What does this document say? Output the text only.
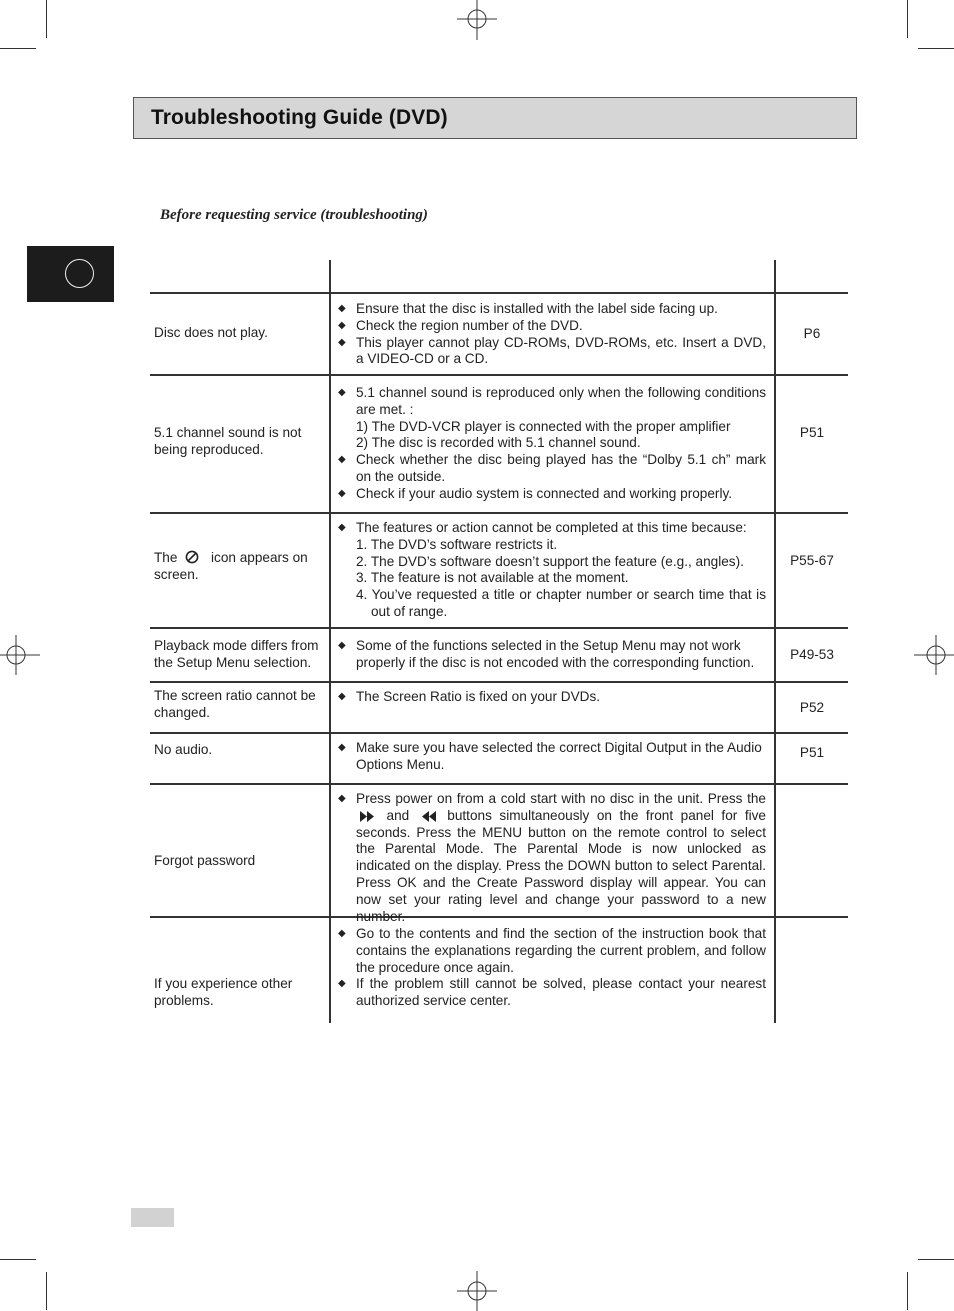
Troubleshooting Guide (DVD)
Before requesting service (troubleshooting)
Disc does not play.
◆ Ensure that the disc is installed with the label side facing up.
◆ Check the region number of the DVD.
◆ This player cannot play CD-ROMs, DVD-ROMs, etc. Insert a DVD, a VIDEO-CD or a CD.
P6
5.1 channel sound is not being reproduced.
◆ 5.1 channel sound is reproduced only when the following conditions are met. :
1) The DVD-VCR player is connected with the proper amplifier
2) The disc is recorded with 5.1 channel sound.
◆ Check whether the disc being played has the “Dolby 5.1 ch” mark on the outside.
◆ Check if your audio system is connected and working properly.
P51
The icon appears on screen.
◆ The features or action cannot be completed at this time because:
1. The DVD’s software restricts it.
2. The DVD’s software doesn’t support the feature (e.g., angles).
3. The feature is not available at the moment.
4. You’ve requested a title or chapter number or search time that is out of range.
P55-67
Playback mode differs from the Setup Menu selection.
◆ Some of the functions selected in the Setup Menu may not work properly if the disc is not encoded with the corresponding function.
P49-53
The screen ratio cannot be changed.
◆ The Screen Ratio is fixed on your DVDs.
P52
No audio.
◆	Make sure you have selected the correct Digital Output in the Audio Options Menu.
P51
Forgot password
◆ Press power on from a cold start with no disc in the unit. Press the  and	buttons simultaneously on the front panel for five seconds. Press the MENU button on the remote control to select the Parental Mode. The Parental Mode is now unlocked as indicated on the display. Press the DOWN button to select Parental. Press OK and the Create Password display will appear. You can now set your rating level and change your password to a new number.
If you experience other problems.
◆ Go to the contents and find the section of the instruction book that contains the explanations regarding the current problem, and follow the procedure once again.
◆ If the problem still cannot be solved, please contact your nearest authorized service center.
